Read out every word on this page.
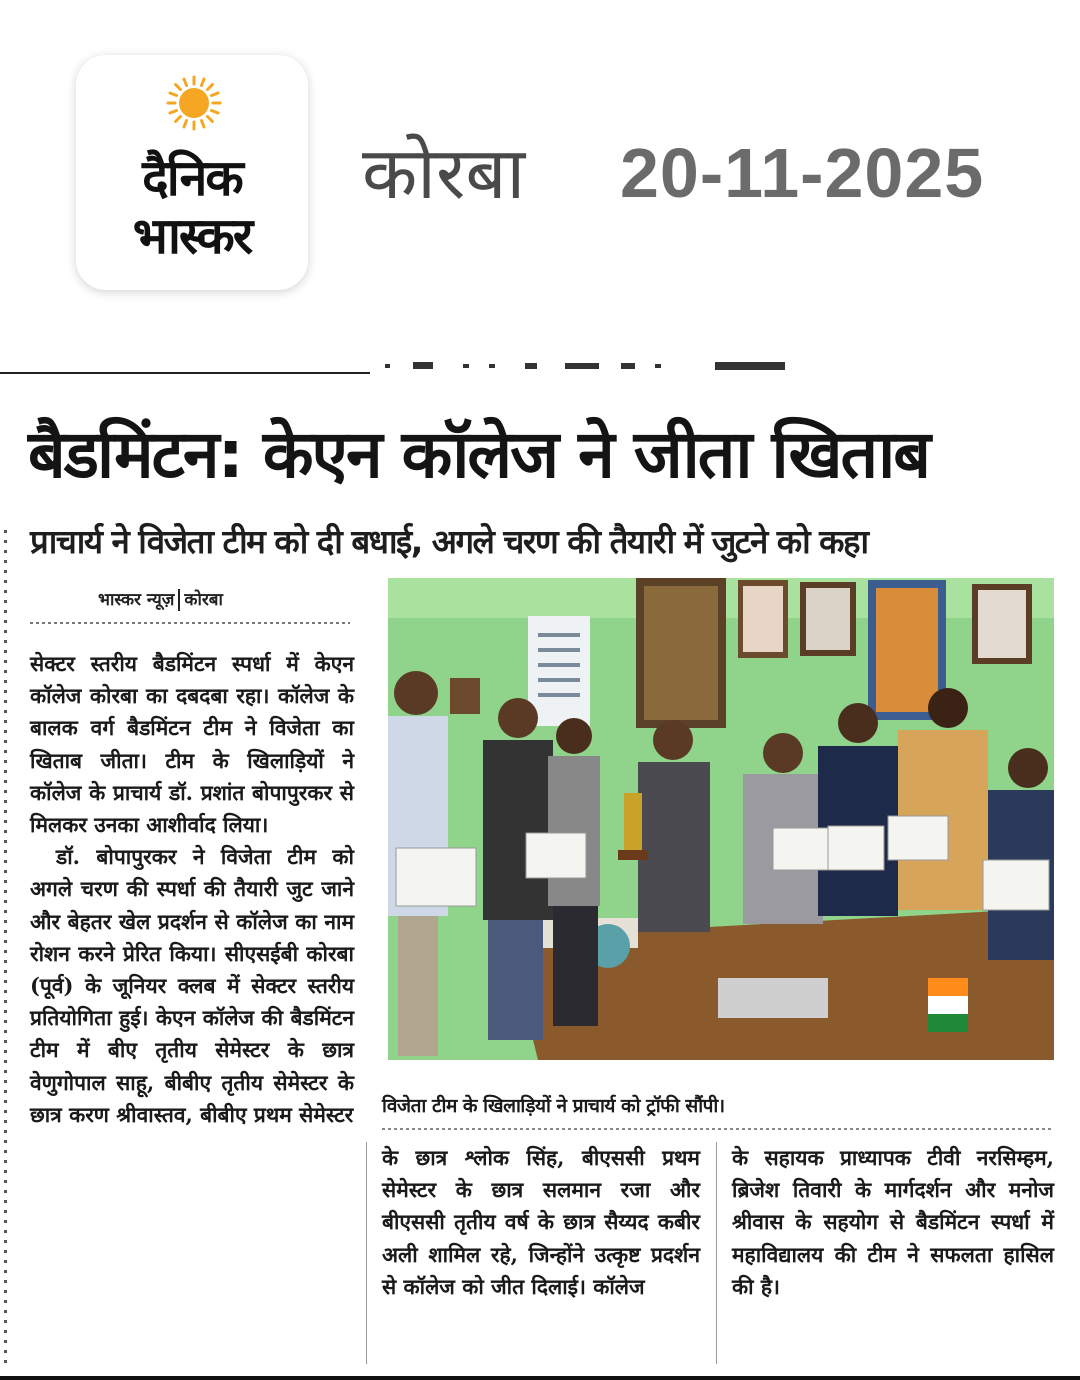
दैनिक
भास्कर
कोरबा 20-11-2025
बैडमिंटन: केएन कॉलेज ने जीता खिताब
प्राचार्य ने विजेता टीम को दी बधाई, अगले चरण की तैयारी में जुटने को कहा
भास्कर न्यूज़ कोरबा

सेक्टर स्तरीय बैडमिंटन स्पर्धा में केएन कॉलेज कोरबा का दबदबा रहा। कॉलेज के बालक वर्ग बैडमिंटन टीम ने विजेता का खिताब जीता। टीम के खिलाड़ियों ने कॉलेज के प्राचार्य डॉ. प्रशांत बोपापुरकर से मिलकर उनका आशीर्वाद लिया।

डॉ. बोपापुरकर ने विजेता टीम को अगले चरण की स्पर्धा की तैयारी जुट जाने और बेहतर खेल प्रदर्शन से कॉलेज का नाम रोशन करने प्रेरित किया। सीएसईबी कोरबा (पूर्व) के जूनियर क्लब में सेक्टर स्तरीय प्रतियोगिता हुई। केएन कॉलेज की बैडमिंटन टीम में बीए तृतीय सेमेस्टर के छात्र वेणुगोपाल साहू, बीबीए तृतीय सेमेस्टर के छात्र करण श्रीवास्तव, बीबीए प्रथम सेमेस्टर विजेता टीम के खिलाड़ियों ने प्राचार्य को ट्रॉफी सौंपी।

के छात्र श्लोक सिंह, बीएससी प्रथम सेमेस्टर के छात्र सलमान रजा और बीएससी तृतीय वर्ष के छात्र सैय्यद कबीर अली शामिल रहे, जिन्होंने उत्कृष्ट प्रदर्शन से कॉलेज को जीत दिलाई। कॉलेज

के सहायक प्राध्यापक टीवी नरसिम्हम, ब्रिजेश तिवारी के मार्गदर्शन और मनोज श्रीवास के सहयोग से बैडमिंटन स्पर्धा में महाविद्यालय की टीम ने सफलता हासिल की है।
